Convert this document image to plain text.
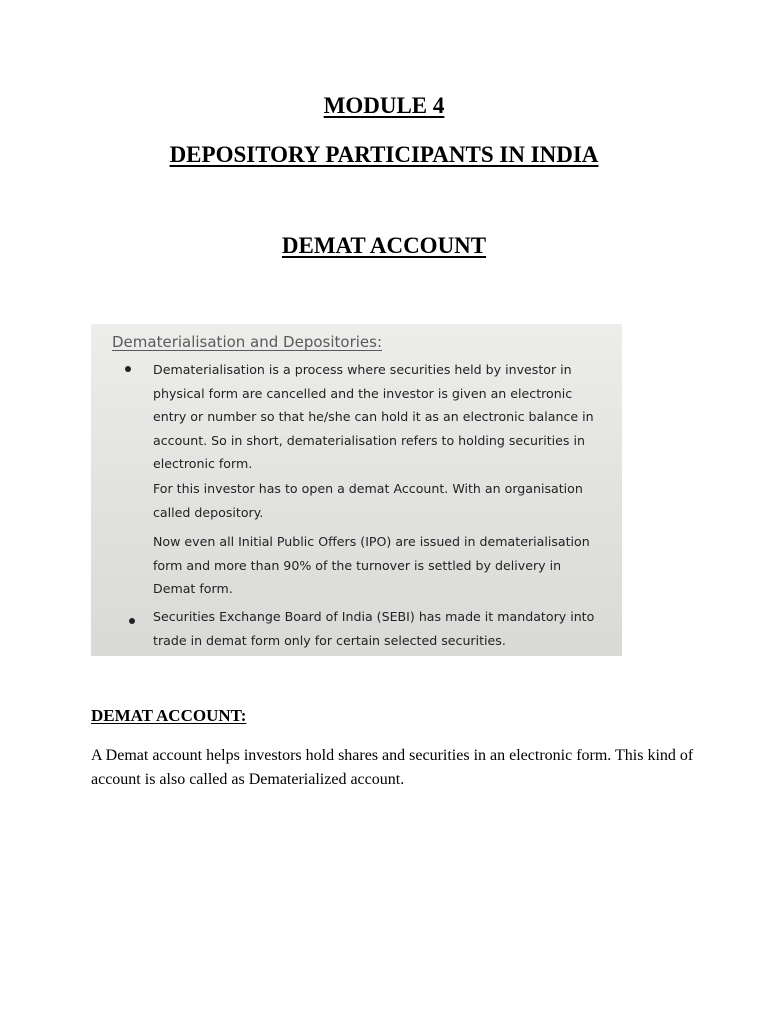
MODULE 4
DEPOSITORY PARTICIPANTS IN INDIA
DEMAT ACCOUNT
Dematerialisation and Depositories:
Dematerialisation is a process where securities held by investor in
physical form are cancelled and the investor is given an electronic
entry or number so that he/she can hold it as an electronic balance in
account. So in short, dematerialisation refers to holding securities in
electronic form.
For this investor has to open a demat Account. With an organisation
called depository.
Now even all Initial Public Offers (IPO) are issued in dematerialisation
form and more than 90% of the turnover is settled by delivery in
Demat form.
Securities Exchange Board of India (SEBI) has made it mandatory into
trade in demat form only for certain selected securities.
DEMAT ACCOUNT:

A Demat account helps investors hold shares and securities in an electronic form. This kind of account is also called as Dematerialized account.
